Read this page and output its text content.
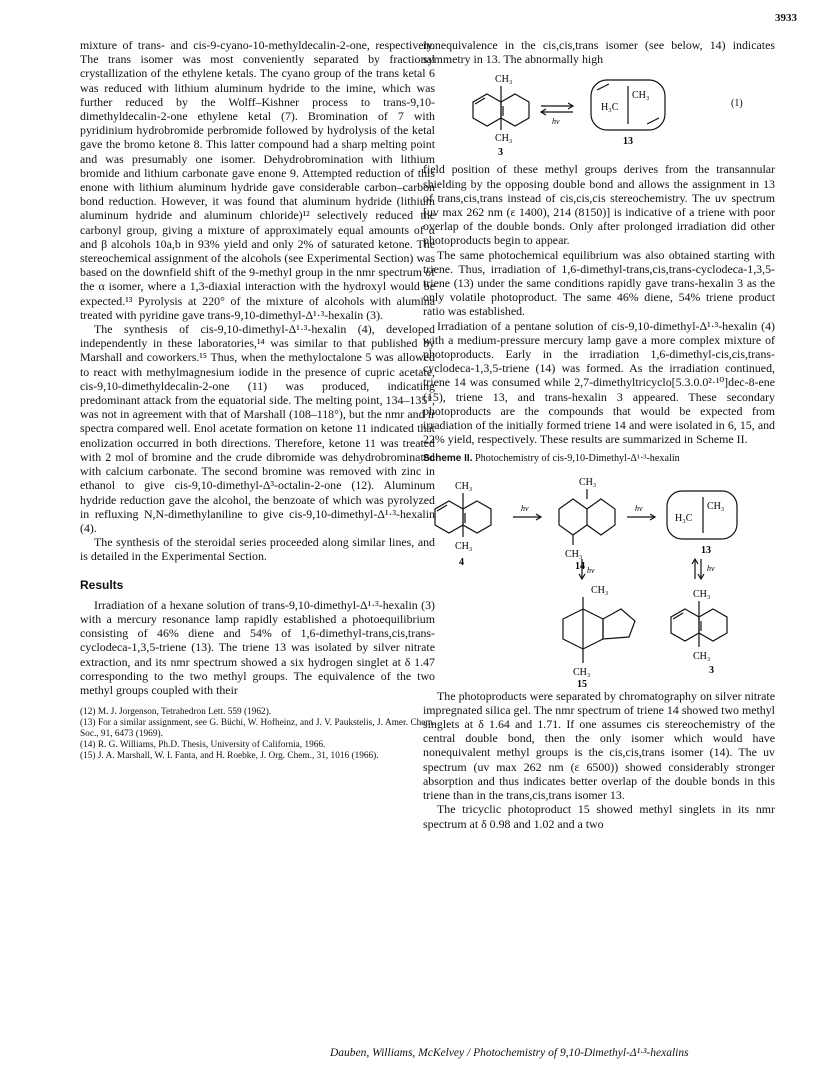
3933

mixture of trans- and cis-9-cyano-10-methyldecalin-2-one, respectively. The trans isomer was most conveniently separated by fractional crystallization of the ethylene ketals. The cyano group of the trans ketal 6 was reduced with lithium aluminum hydride to the imine, which was further reduced by the Wolff–Kishner process to trans-9,10-dimethyldecalin-2-one ethylene ketal (7). Bromination of 7 with pyridinium hydrobromide perbromide followed by hydrolysis of the ketal gave the bromo ketone 8. This latter compound had a sharp melting point and was presumably one isomer. Dehydrobromination with lithium bromide and lithium carbonate gave enone 9. Attempted reduction of this enone with lithium aluminum hydride gave considerable carbon–carbon bond reduction. However, it was found that aluminum hydride (lithium aluminum hydride and aluminum chloride)¹² selectively reduced the carbonyl group, giving a mixture of approximately equal amounts of α and β alcohols 10a,b in 93% yield and only 2% of saturated ketone. The stereochemical assignment of the alcohols (see Experimental Section) was based on the downfield shift of the 9-methyl group in the nmr spectrum of the α isomer, where a 1,3-diaxial interaction with the hydroxyl would be expected.¹³ Pyrolysis at 220° of the mixture of alcohols with alumina treated with pyridine gave trans-9,10-dimethyl-Δ¹·³-hexalin (3).

The synthesis of cis-9,10-dimethyl-Δ¹·³-hexalin (4), developed independently in these laboratories,¹⁴ was similar to that published by Marshall and coworkers.¹⁵ Thus, when the methyloctalone 5 was allowed to react with methylmagnesium iodide in the presence of cupric acetate, cis-9,10-dimethyldecalin-2-one (11) was produced, indicating predominant attack from the equatorial side. The melting point, 134–135°, was not in agreement with that of Marshall (108–118°), but the nmr and ir spectra compared well. Enol acetate formation on ketone 11 indicated that enolization occurred in both directions. Therefore, ketone 11 was treated with 2 mol of bromine and the crude dibromide was dehydrobrominated with calcium carbonate. The second bromine was removed with zinc in ethanol to give cis-9,10-dimethyl-Δ³-octalin-2-one (12). Aluminum hydride reduction gave the alcohol, the benzoate of which was pyrolyzed in refluxing N,N-dimethylaniline to give cis-9,10-dimethyl-Δ¹·³-hexalin (4).

The synthesis of the steroidal series proceeded along similar lines, and is detailed in the Experimental Section.

Results

Irradiation of a hexane solution of trans-9,10-dimethyl-Δ¹·³-hexalin (3) with a mercury resonance lamp rapidly established a photoequilibrium consisting of 46% diene and 54% of 1,6-dimethyl-trans,cis,trans-cyclodeca-1,3,5-triene (13). The triene 13 was isolated by silver nitrate extraction, and its nmr spectrum showed a six hydrogen singlet at δ 1.47 corresponding to the two methyl groups. The equivalence of the two methyl groups coupled with their

(12) M. J. Jorgenson, Tetrahedron Lett. 559 (1962).
(13) For a similar assignment, see G. Büchi, W. Hofheinz, and J. V. Paukstelis, J. Amer. Chem. Soc., 91, 6473 (1969).
(14) R. G. Williams, Ph.D. Thesis, University of California, 1966.
(15) J. A. Marshall, W. I. Fanta, and H. Roebke, J. Org. Chem., 31, 1016 (1966).

nonequivalence in the cis,cis,trans isomer (see below, 14) indicates symmetry in 13. The abnormally high

CH₃
CH₃
hν
H₃C
CH₃
3
13
(1)

field position of these methyl groups derives from the transannular shielding by the opposing double bond and allows the assignment in 13 of trans,cis,trans instead of cis,cis,cis stereochemistry. The uv spectrum [uv max 262 nm (ε 1400), 214 (8150)] is indicative of a triene with poor overlap of the double bonds. Only after prolonged irradiation did other photoproducts begin to appear.

The same photochemical equilibrium was also obtained starting with triene. Thus, irradiation of 1,6-dimethyl-trans,cis,trans-cyclodeca-1,3,5-triene (13) under the same conditions rapidly gave trans-hexalin 3 as the only volatile photoproduct. The same 46% diene, 54% triene product ratio was established.

Irradiation of a pentane solution of cis-9,10-dimethyl-Δ¹·³-hexalin (4) with a medium-pressure mercury lamp gave a more complex mixture of photoproducts. Early in the irradiation 1,6-dimethyl-cis,cis,trans-cyclodeca-1,3,5-triene (14) was formed. As the irradiation continued, triene 14 was consumed while 2,7-dimethyltricyclo[5.3.0.0²·¹⁰]dec-8-ene (15), triene 13, and trans-hexalin 3 appeared. These secondary photoproducts are the compounds that would be expected from irradiation of the initially formed triene 14 and were isolated in 6, 15, and 22% yield, respectively. These results are summarized in Scheme II.

Scheme II. Photochemistry of cis-9,10-Dimethyl-Δ¹·³-hexalin
CH₃
CH₃
hν
CH₃
CH₃
hν
H₃C
CH₃
hν	hν
CH₃
CH₃
CH₃
CH₃
4	14
13
3
15

The photoproducts were separated by chromatography on silver nitrate impregnated silica gel. The nmr spectrum of triene 14 showed two methyl singlets at δ 1.64 and 1.71. If one assumes cis stereochemistry of the central double bond, then the only isomer which would have nonequivalent methyl groups is the cis,cis,trans isomer (14). The uv spectrum (uv max 262 nm (ε 6500)) showed considerably stronger absorption and thus indicates better overlap of the double bonds in this triene than in the trans,cis,trans isomer 13.

The tricyclic photoproduct 15 showed methyl singlets in its nmr spectrum at δ 0.98 and 1.02 and a two

Dauben, Williams, McKelvey / Photochemistry of 9,10-Dimethyl-Δ¹·³-hexalins
